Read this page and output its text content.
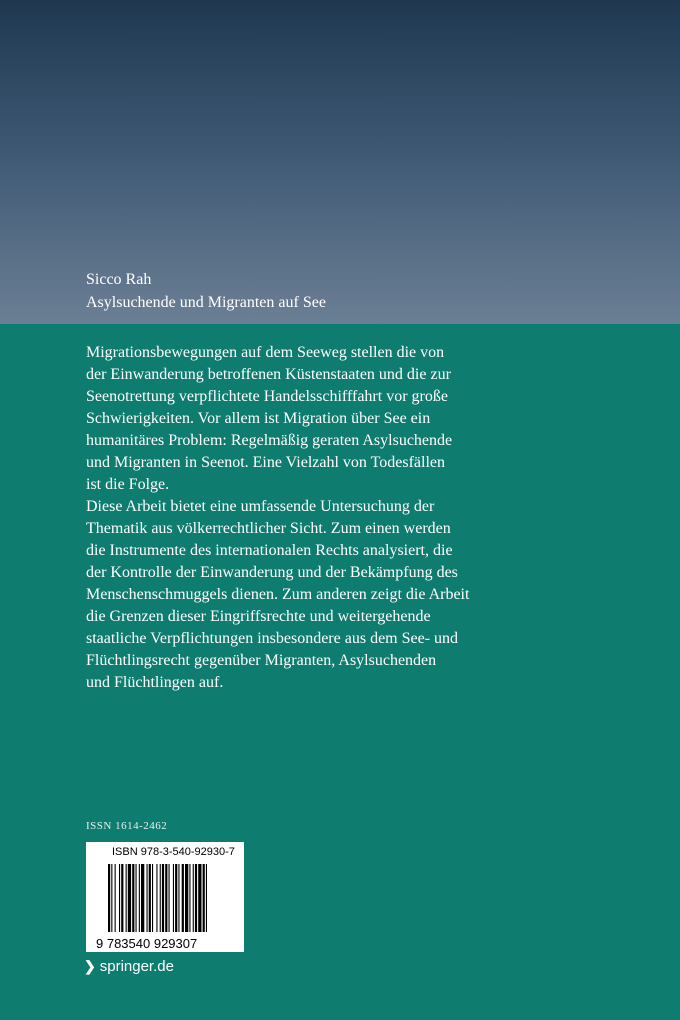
Sicco Rah
Asylsuchende und Migranten auf See

Migrationsbewegungen auf dem Seeweg stellen die von
der Einwanderung betroffenen Küstenstaaten und die zur
Seenotrettung verpflichtete Handelsschifffahrt vor große
Schwierigkeiten. Vor allem ist Migration über See ein
humanitäres Problem: Regelmäßig geraten Asylsuchende
und Migranten in Seenot. Eine Vielzahl von Todesfällen
ist die Folge.

Diese Arbeit bietet eine umfassende Untersuchung der
Thematik aus völkerrechtlicher Sicht. Zum einen werden
die Instrumente des internationalen Rechts analysiert, die
der Kontrolle der Einwanderung und der Bekämpfung des
Menschenschmuggels dienen. Zum anderen zeigt die Arbeit
die Grenzen dieser Eingriffsrechte und weitergehende
staatliche Verpflichtungen insbesondere aus dem See- und
Flüchtlingsrecht gegenüber Migranten, Asylsuchenden
und Flüchtlingen auf.

ISSN 1614-2462
ISBN 978-3-540-92930-7
9 783540 929307
❯ springer.de
